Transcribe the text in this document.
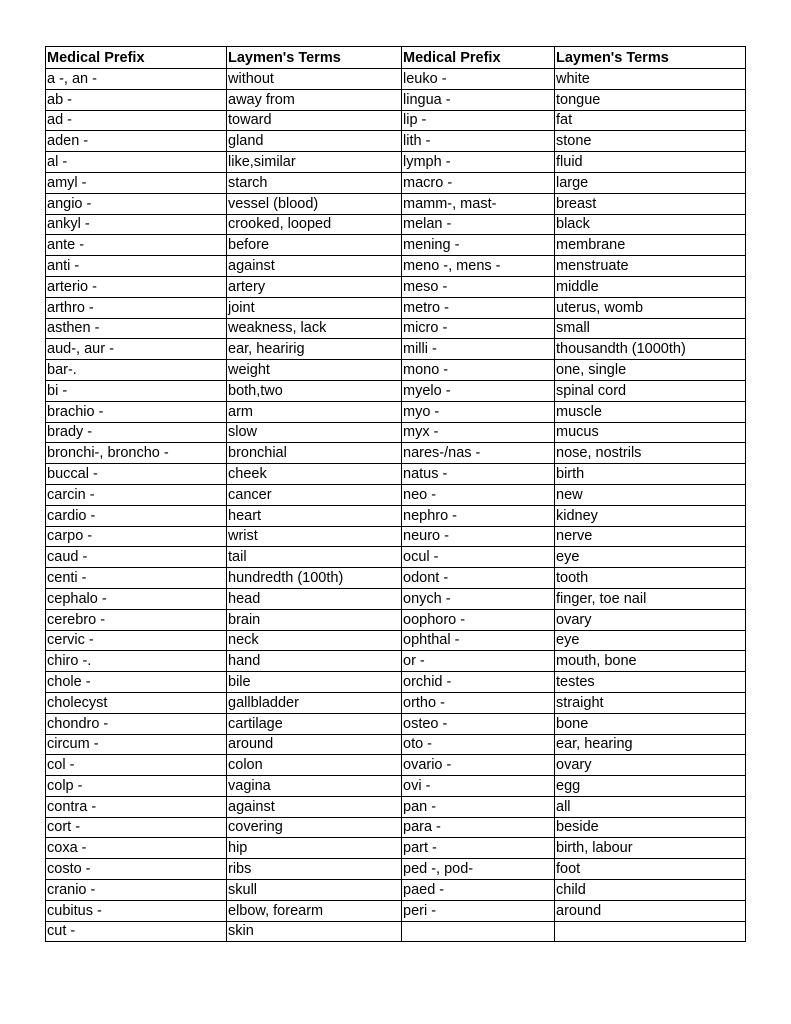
Medical Prefix	Laymen's Terms	Medical Prefix	Laymen's Terms
a -, an -	without	leuko -	white
ab -	away from	lingua -	tongue
ad -	toward	lip -	fat
aden -	gland	lith -	stone
al -	like,similar	lymph -	fluid
amyl -	starch	macro -	large
angio -	vessel (blood)	mamm-, mast-	breast
ankyl -	crooked, looped	melan -	black
ante -	before	mening -	membrane
anti -	against	meno -, mens -	menstruate
arterio -	artery	meso -	middle
arthro -	joint	metro -	uterus, womb
asthen -	weakness, lack	micro -	small
aud-, aur -	ear, hearirig	milli -	thousandth (1000th)
bar-.	weight	mono -	one, single
bi -	both,two	myelo -	spinal cord
brachio -	arm	myo -	muscle
brady -	slow	myx -	mucus
bronchi-, broncho -	bronchial	nares-/nas -	nose, nostrils
buccal -	cheek	natus -	birth
carcin -	cancer	neo -	new
cardio -	heart	nephro -	kidney
carpo -	wrist	neuro -	nerve
caud -	tail	ocul -	eye
centi -	hundredth (100th)	odont -	tooth
cephalo -	head	onych -	finger, toe nail
cerebro -	brain	oophoro -	ovary
cervic -	neck	ophthal -	eye
chiro -.	hand	or -	mouth, bone
chole -	bile	orchid -	testes
cholecyst	gallbladder	ortho -	straight
chondro -	cartilage	osteo -	bone
circum -	around	oto -	ear, hearing
col -	colon	ovario -	ovary
colp -	vagina	ovi -	egg
contra -	against	pan -	all
cort -	covering	para -	beside
coxa -	hip	part -	birth, labour
costo -	ribs	ped -, pod-	foot
cranio -	skull	paed -	child
cubitus -	elbow, forearm	peri -	around
cut -	skin		
